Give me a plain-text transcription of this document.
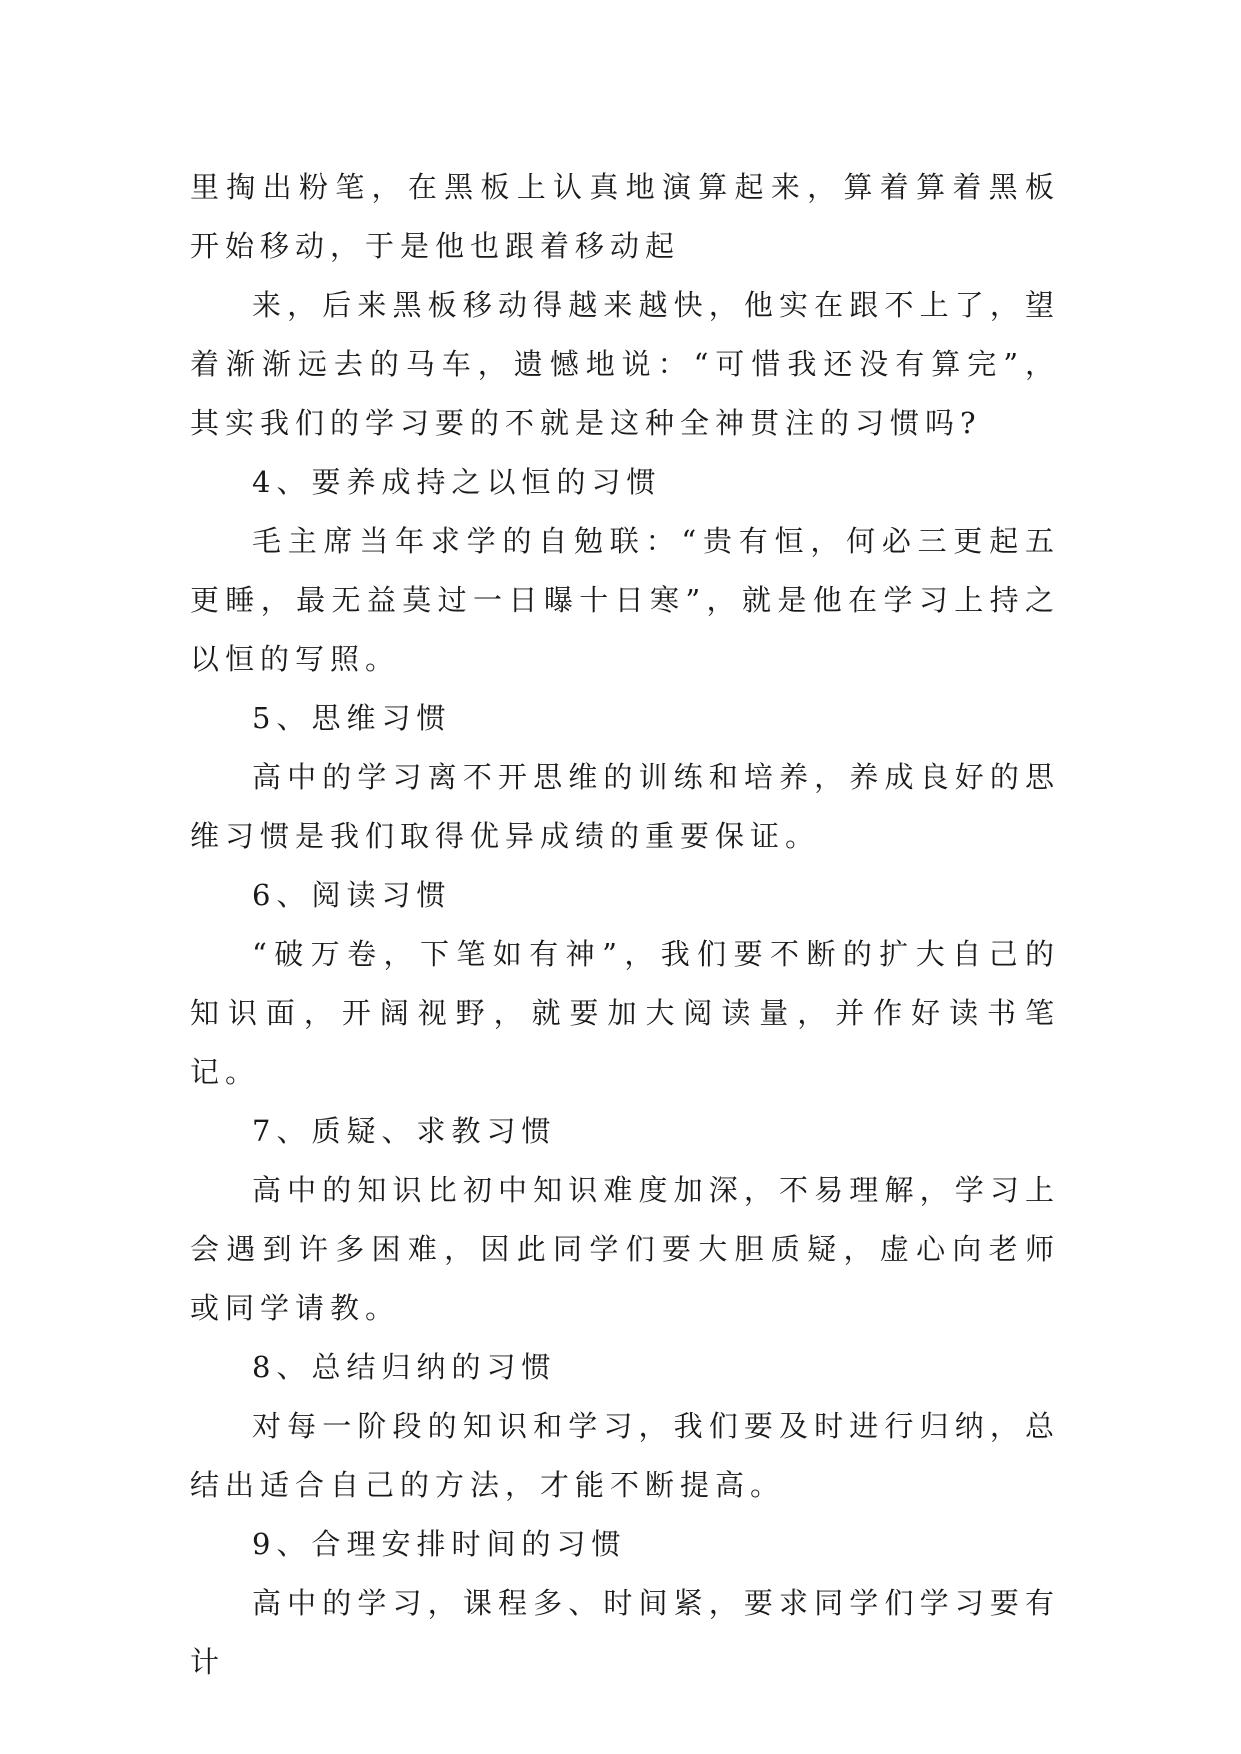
里掏出粉笔，在黑板上认真地演算起来，算着算着黑板开始移动，于是他也跟着移动起

来，后来黑板移动得越来越快，他实在跟不上了，望着渐渐远去的马车，遗憾地说：“可惜我还没有算完”，其实我们的学习要的不就是这种全神贯注的习惯吗?

4、要养成持之以恒的习惯

毛主席当年求学的自勉联：“贵有恒，何必三更起五更睡，最无益莫过一日曝十日寒”，就是他在学习上持之以恒的写照。

5、思维习惯

高中的学习离不开思维的训练和培养，养成良好的思维习惯是我们取得优异成绩的重要保证。

6、阅读习惯

“破万卷，下笔如有神”，我们要不断的扩大自己的知识面，开阔视野，就要加大阅读量，并作好读书笔记。

7、质疑、求教习惯

高中的知识比初中知识难度加深，不易理解，学习上会遇到许多困难，因此同学们要大胆质疑，虚心向老师或同学请教。

8、总结归纳的习惯

对每一阶段的知识和学习，我们要及时进行归纳，总结出适合自己的方法，才能不断提高。

9、合理安排时间的习惯

高中的学习，课程多、时间紧，要求同学们学习要有计
